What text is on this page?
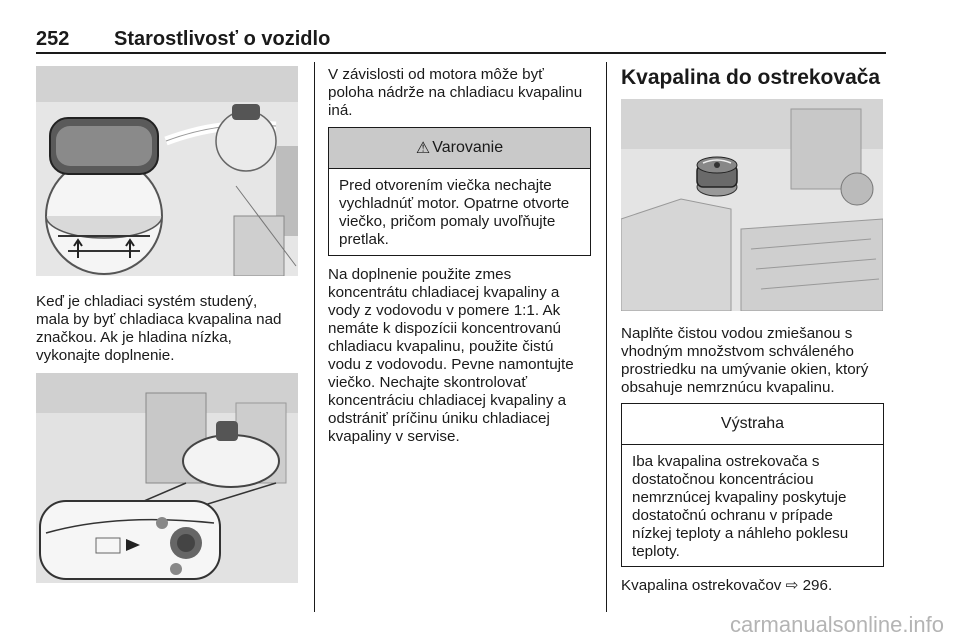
252 Starostlivosť o vozidlo
Keď je chladiaci systém studený,
mala by byť chladiaca kvapalina nad
značkou. Ak je hladina nízka,
vykonajte doplnenie.
V závislosti od motora môže byť
poloha nádrže na chladiacu kvapalinu
iná.
⚠ Varovanie
Pred otvorením viečka nechajte
vychladnúť motor. Opatrne otvorte
viečko, pričom pomaly uvoľňujte
pretlak.
Na doplnenie použite zmes
koncentrátu chladiacej kvapaliny a
vody z vodovodu v pomere 1:1. Ak
nemáte k dispozícii koncentrovanú
chladiacu kvapalinu, použite čistú
vodu z vodovodu. Pevne namontujte
viečko. Nechajte skontrolovať
koncentráciu chladiacej kvapaliny a
odstrániť príčinu úniku chladiacej
kvapaliny v servise.
Kvapalina do ostrekovača
Naplňte čistou vodou zmiešanou s
vhodným množstvom schváleného
prostriedku na umývanie okien, ktorý
obsahuje nemrznúcu kvapalinu.
Výstraha
Iba kvapalina ostrekovača s
dostatočnou koncentráciou
nemrznúcej kvapaliny poskytuje
dostatočnú ochranu v prípade
nízkej teploty a náhleho poklesu
teploty.
Kvapalina ostrekovačov ⇨ 296.
carmanualsonline.info
